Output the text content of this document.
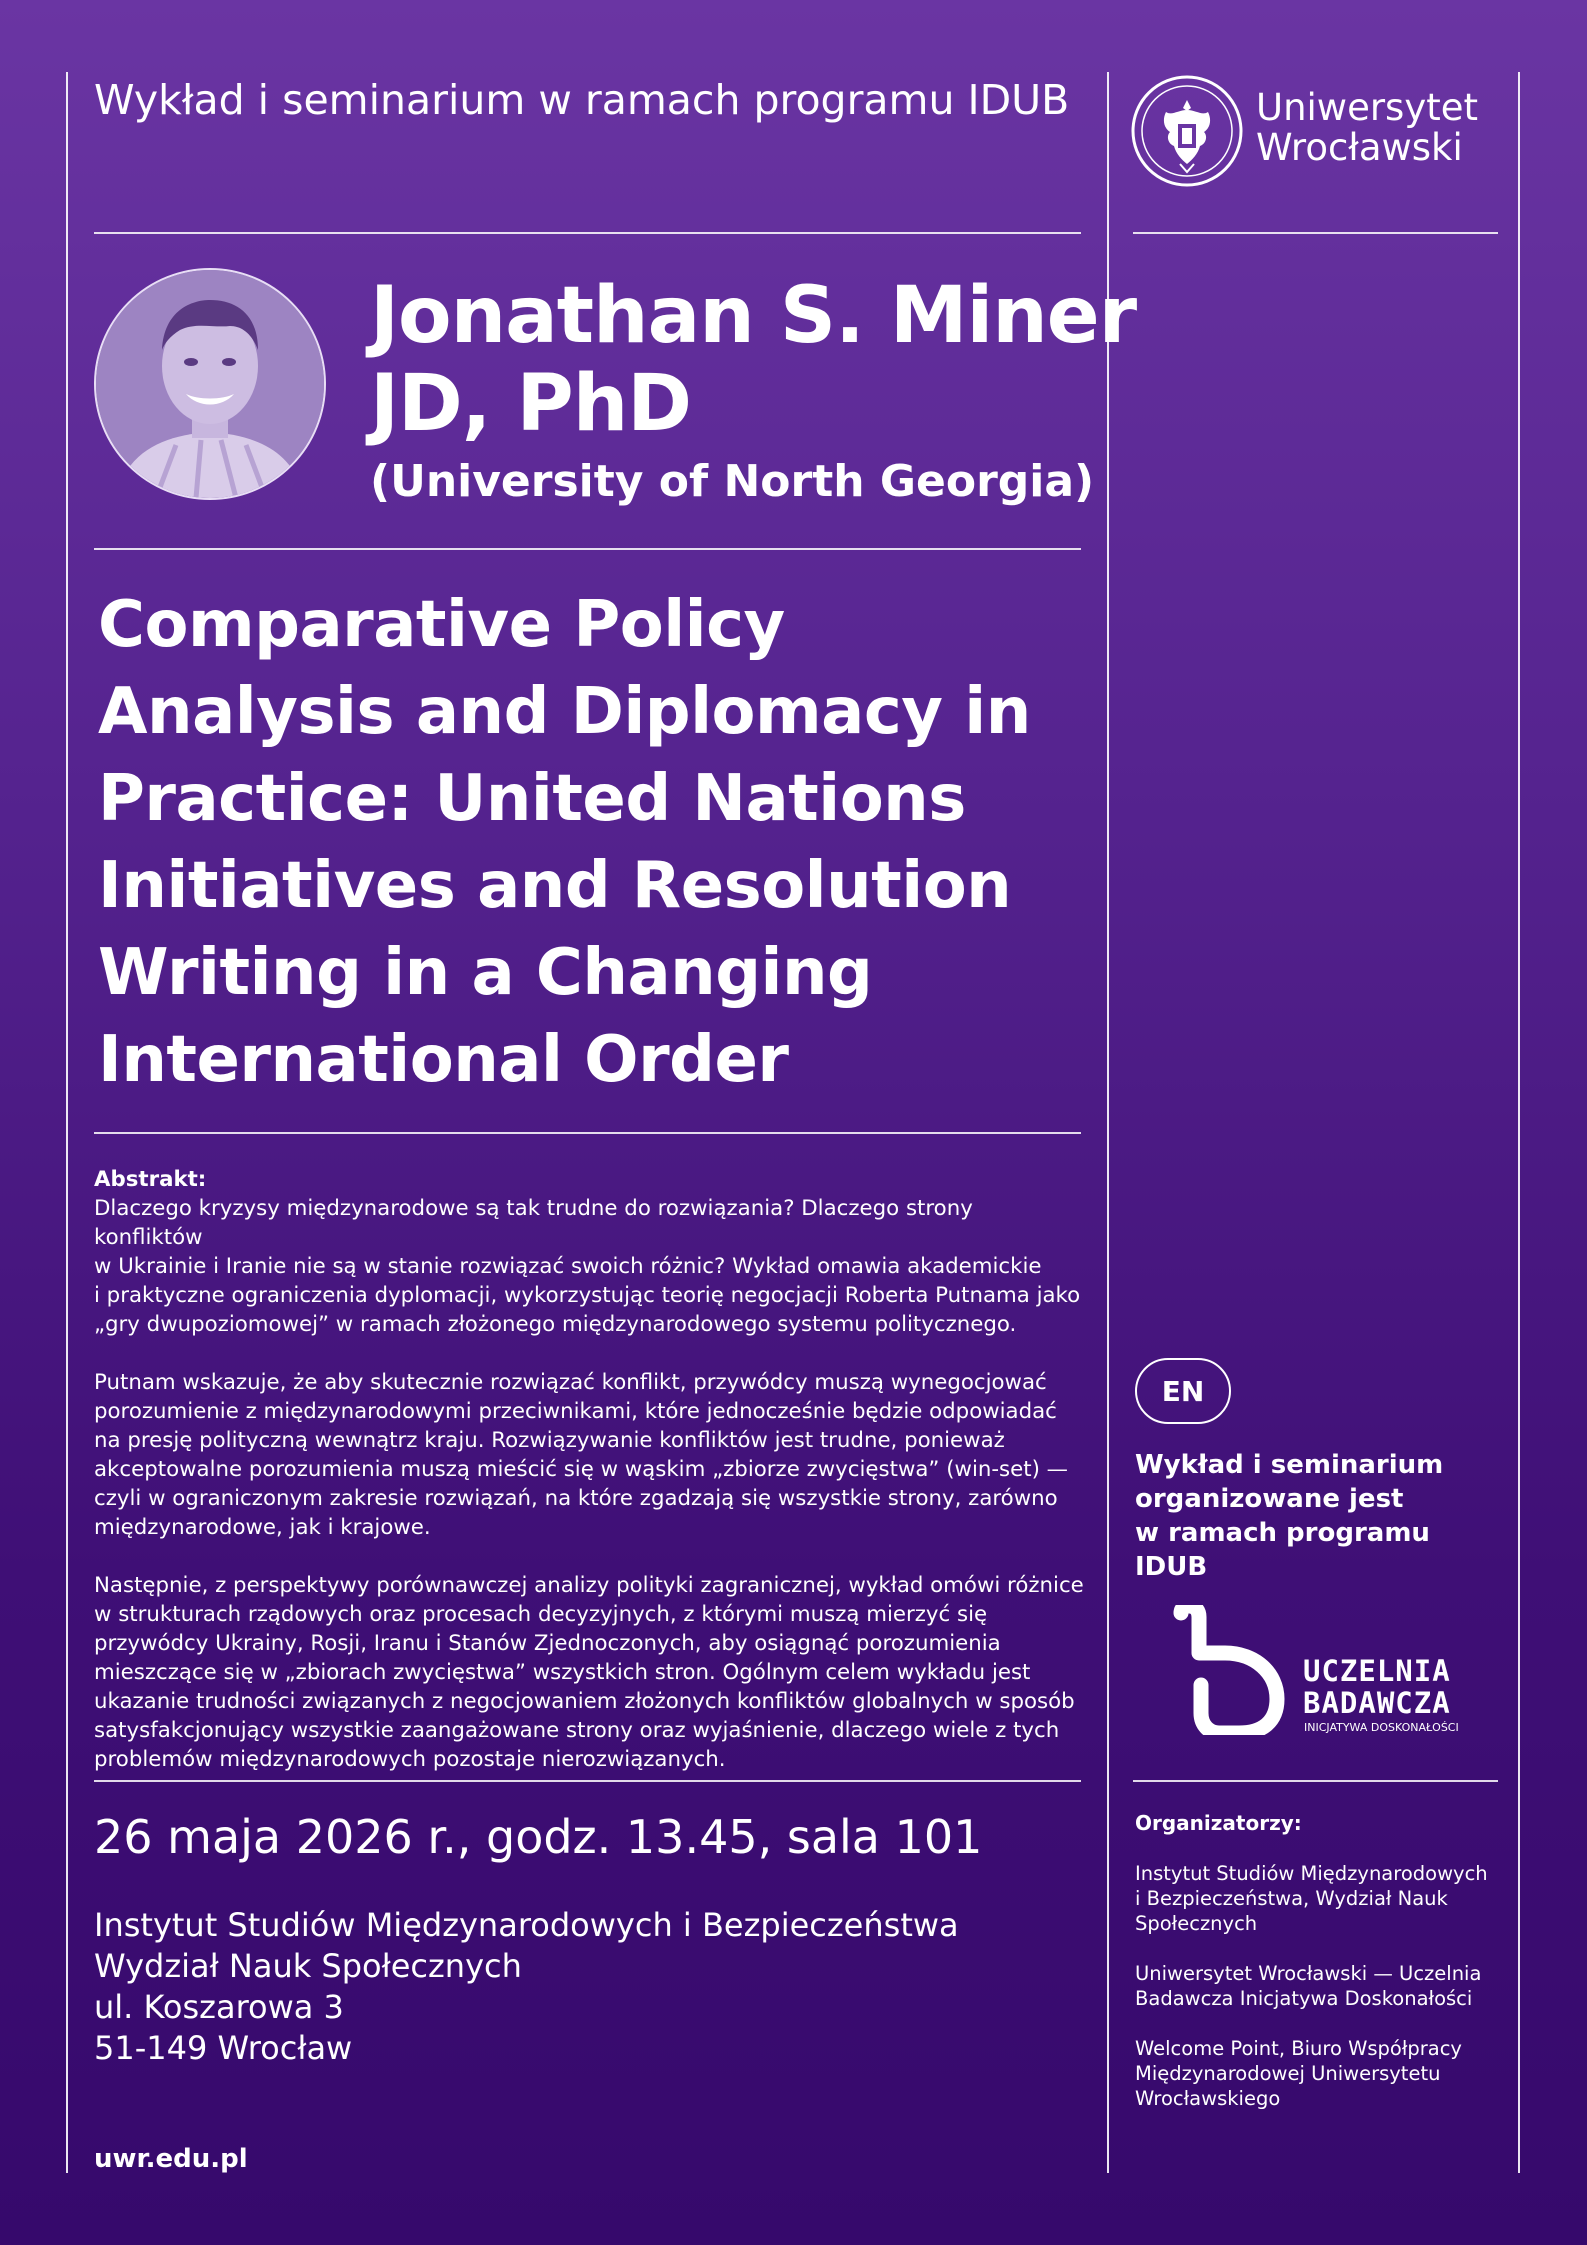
Wykład i seminarium w ramach programu IDUB	Uniwersytet
Wrocławski
Jonathan S. Miner
JD, PhD
(University of North Georgia)
Comparative Policy
Analysis and Diplomacy in
Practice: United Nations
Initiatives and Resolution
Writing in a Changing
International Order
Abstrakt:

Dlaczego kryzysy międzynarodowe są tak trudne do rozwiązania? Dlaczego strony konfliktów
w Ukrainie i Iranie nie są w stanie rozwiązać swoich różnic? Wykład omawia akademickie
i praktyczne ograniczenia dyplomacji, wykorzystując teorię negocjacji Roberta Putnama jako
„gry dwupoziomowej” w ramach złożonego międzynarodowego systemu politycznego.

Putnam wskazuje, że aby skutecznie rozwiązać konflikt, przywódcy muszą wynegocjować
porozumienie z międzynarodowymi przeciwnikami, które jednocześnie będzie odpowiadać
na presję polityczną wewnątrz kraju. Rozwiązywanie konfliktów jest trudne, ponieważ
akceptowalne porozumienia muszą mieścić się w wąskim „zbiorze zwycięstwa” (win-set) —
czyli w ograniczonym zakresie rozwiązań, na które zgadzają się wszystkie strony, zarówno
międzynarodowe, jak i krajowe.

Następnie, z perspektywy porównawczej analizy polityki zagranicznej, wykład omówi różnice
w strukturach rządowych oraz procesach decyzyjnych, z którymi muszą mierzyć się
przywódcy Ukrainy, Rosji, Iranu i Stanów Zjednoczonych, aby osiągnąć porozumienia
mieszczące się w „zbiorach zwycięstwa” wszystkich stron. Ogólnym celem wykładu jest
ukazanie trudności związanych z negocjowaniem złożonych konfliktów globalnych w sposób
satysfakcjonujący wszystkie zaangażowane strony oraz wyjaśnienie, dlaczego wiele z tych
problemów międzynarodowych pozostaje nierozwiązanych.

26 maja 2026 r., godz. 13.45, sala 101
Instytut Studiów Międzynarodowych i Bezpieczeństwa
Wydział Nauk Społecznych
ul. Koszarowa 3
51-149 Wrocław
uwr.edu.pl
EN
Wykład i seminarium
organizowane jest
w ramach programu IDUB
UCZELNIA
BADAWCZA
INICJATYWA DOSKONAŁOŚCI
Organizatorzy:
Instytut Studiów Międzynarodowych
i Bezpieczeństwa, Wydział Nauk
Społecznych
Uniwersytet Wrocławski — Uczelnia
Badawcza Inicjatywa Doskonałości
Welcome Point, Biuro Współpracy
Międzynarodowej Uniwersytetu
Wrocławskiego
